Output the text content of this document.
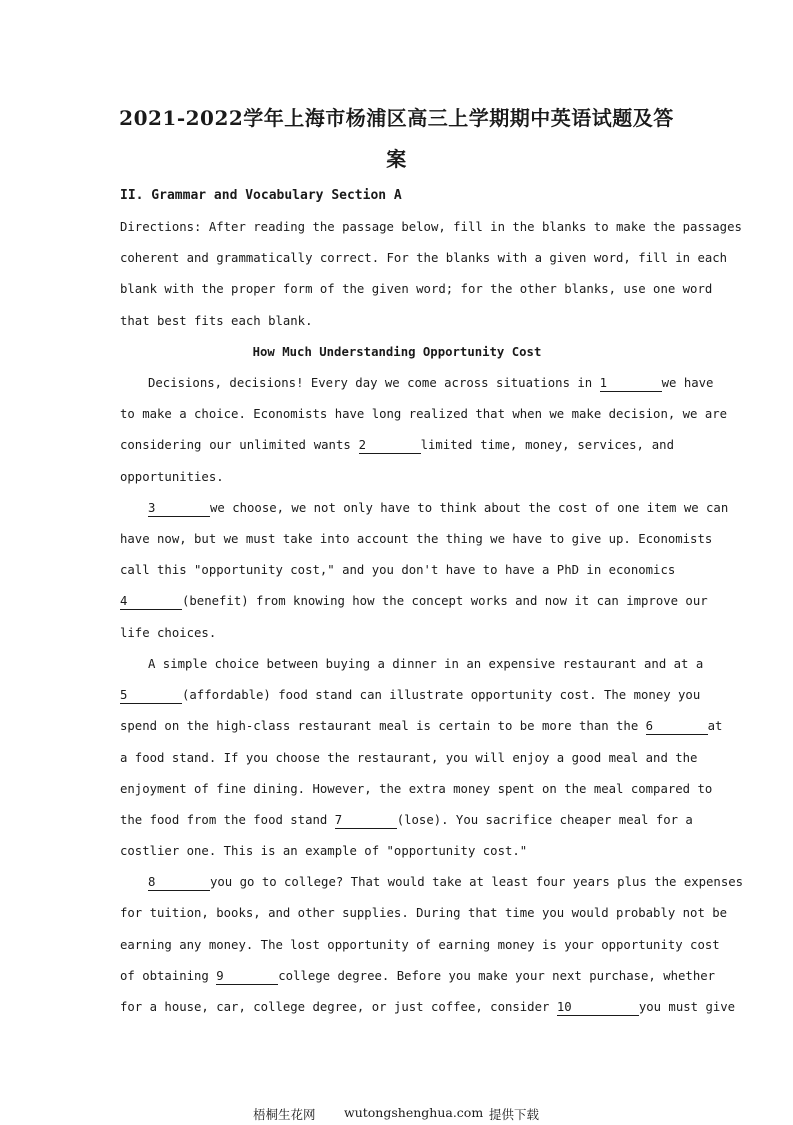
2021-2022学年上海市杨浦区高三上学期期中英语试题及答
案
II. Grammar and Vocabulary Section A
Directions: After reading the passage below, fill in the blanks to make the passages
coherent and grammatically correct. For the blanks with a given word, fill in each
blank with the proper form of the given word; for the other blanks, use one word
that best fits each blank.
How Much Understanding Opportunity Cost
Decisions, decisions! Every day we come across situations in 1	we have
to make a choice. Economists have long realized that when we make decision, we are
considering our unlimited wants 2	limited time, money, services, and
opportunities.
3	we choose, we not only have to think about the cost of one item we can
have now, but we must take into account the thing we have to give up. Economists
call this "opportunity cost," and you don't have to have a PhD in economics
4	(benefit) from knowing how the concept works and now it can improve our
life choices.
A simple choice between buying a dinner in an expensive restaurant and at a
5	(affordable) food stand can illustrate opportunity cost. The money you
spend on the high-class restaurant meal is certain to be more than the 6	at
a food stand. If you choose the restaurant, you will enjoy a good meal and the
enjoyment of fine dining. However, the extra money spent on the meal compared to
the food from the food stand 7	(lose). You sacrifice cheaper meal for a
costlier one. This is an example of "opportunity cost."
8	you go to college? That would take at least four years plus the expenses
for tuition, books, and other supplies. During that time you would probably not be
earning any money. The lost opportunity of earning money is your opportunity cost
of obtaining 9	college degree. Before you make your next purchase, whether
for a house, car, college degree, or just coffee, consider 10	you must give
梧桐生花网 wutongshenghua.com 提供下载
